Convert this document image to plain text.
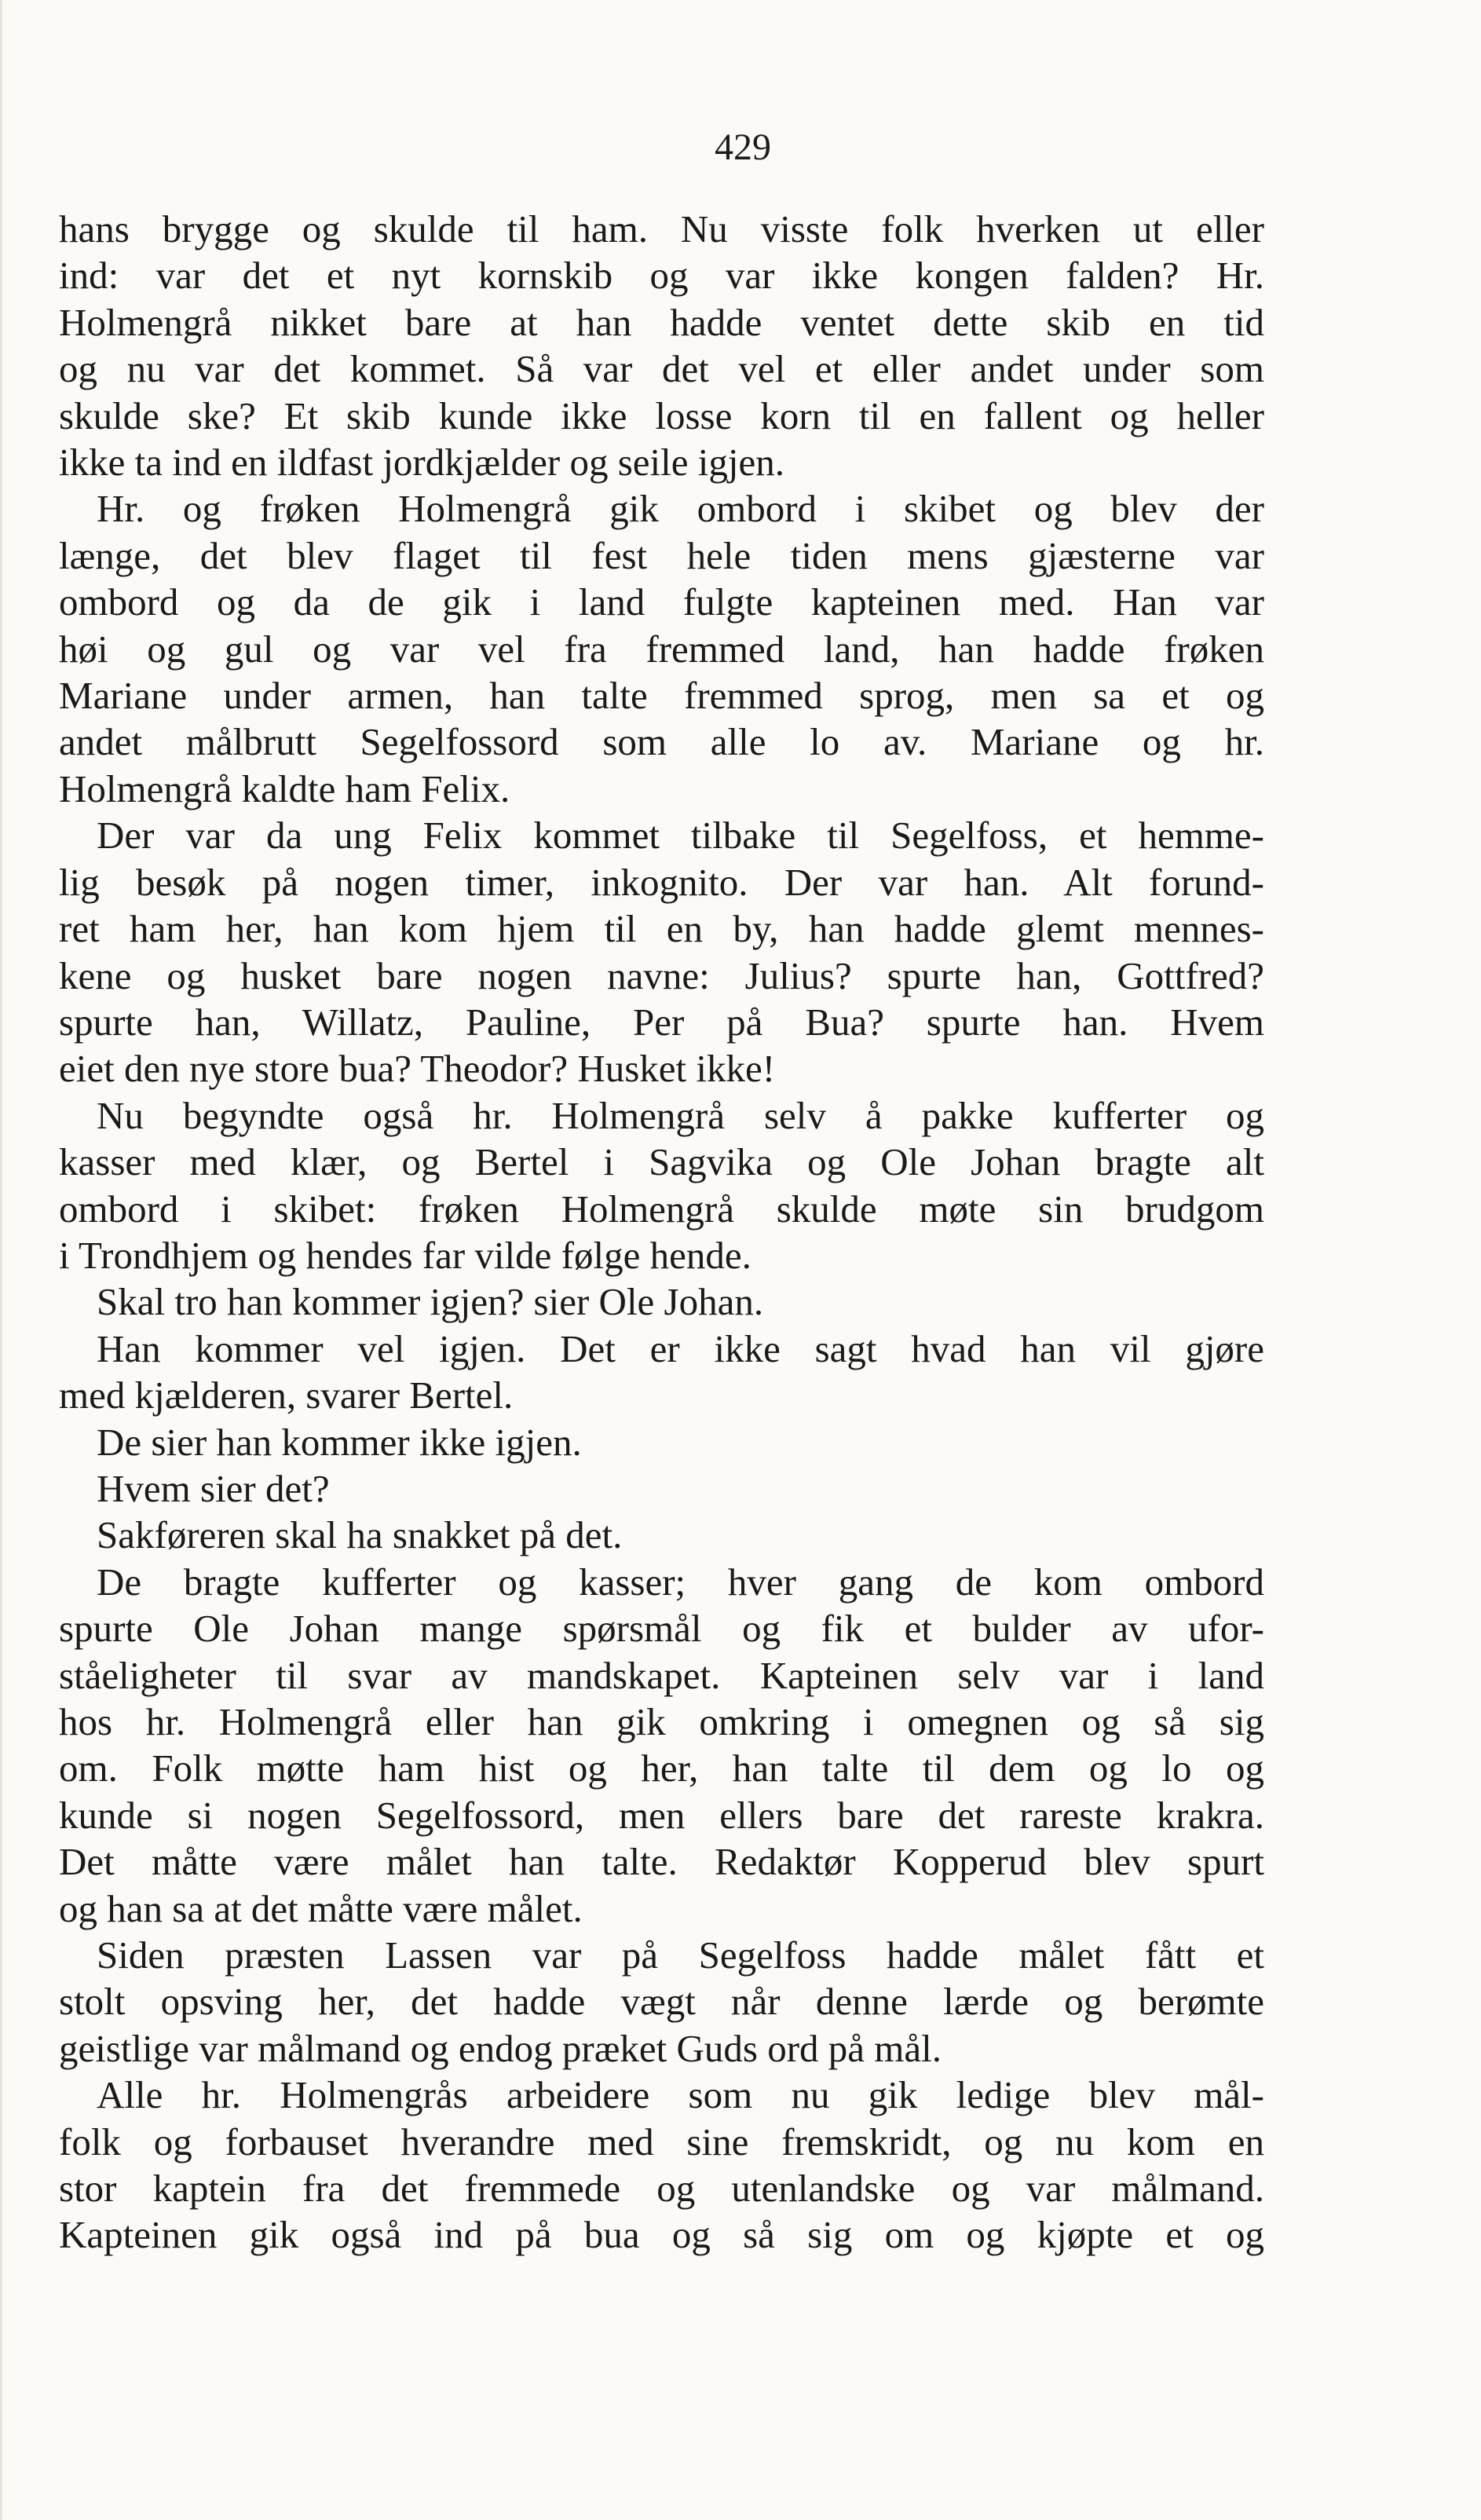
429
hans brygge og skulde til ham. Nu visste folk hverken ut eller
ind: var det et nyt kornskib og var ikke kongen falden? Hr.
Holmengrå nikket bare at han hadde ventet dette skib en tid
og nu var det kommet. Så var det vel et eller andet under som
skulde ske? Et skib kunde ikke losse korn til en fallent og heller
ikke ta ind en ildfast jordkjælder og seile igjen.
Hr. og frøken Holmengrå gik ombord i skibet og blev der
længe, det blev flaget til fest hele tiden mens gjæsterne var
ombord og da de gik i land fulgte kapteinen med. Han var
høi og gul og var vel fra fremmed land, han hadde frøken
Mariane under armen, han talte fremmed sprog, men sa et og
andet målbrutt Segelfossord som alle lo av. Mariane og hr.
Holmengrå kaldte ham Felix.
Der var da ung Felix kommet tilbake til Segelfoss, et hemme-
lig besøk på nogen timer, inkognito. Der var han. Alt forund-
ret ham her, han kom hjem til en by, han hadde glemt mennes-
kene og husket bare nogen navne: Julius? spurte han, Gottfred?
spurte han, Willatz, Pauline, Per på Bua? spurte han. Hvem
eiet den nye store bua? Theodor? Husket ikke!
Nu begyndte også hr. Holmengrå selv å pakke kufferter og
kasser med klær, og Bertel i Sagvika og Ole Johan bragte alt
ombord i skibet: frøken Holmengrå skulde møte sin brudgom
i Trondhjem og hendes far vilde følge hende.
Skal tro han kommer igjen? sier Ole Johan.
Han kommer vel igjen. Det er ikke sagt hvad han vil gjøre
med kjælderen, svarer Bertel.
De sier han kommer ikke igjen.
Hvem sier det?
Sakføreren skal ha snakket på det.
De bragte kufferter og kasser; hver gang de kom ombord
spurte Ole Johan mange spørsmål og fik et bulder av ufor-
ståeligheter til svar av mandskapet. Kapteinen selv var i land
hos hr. Holmengrå eller han gik omkring i omegnen og så sig
om. Folk møtte ham hist og her, han talte til dem og lo og
kunde si nogen Segelfossord, men ellers bare det rareste krakra.
Det måtte være målet han talte. Redaktør Kopperud blev spurt
og han sa at det måtte være målet.
Siden præsten Lassen var på Segelfoss hadde målet fått et
stolt opsving her, det hadde vægt når denne lærde og berømte
geistlige var målmand og endog præket Guds ord på mål.
Alle hr. Holmengrås arbeidere som nu gik ledige blev mål-
folk og forbauset hverandre med sine fremskridt, og nu kom en
stor kaptein fra det fremmede og utenlandske og var målmand.
Kapteinen gik også ind på bua og så sig om og kjøpte et og
